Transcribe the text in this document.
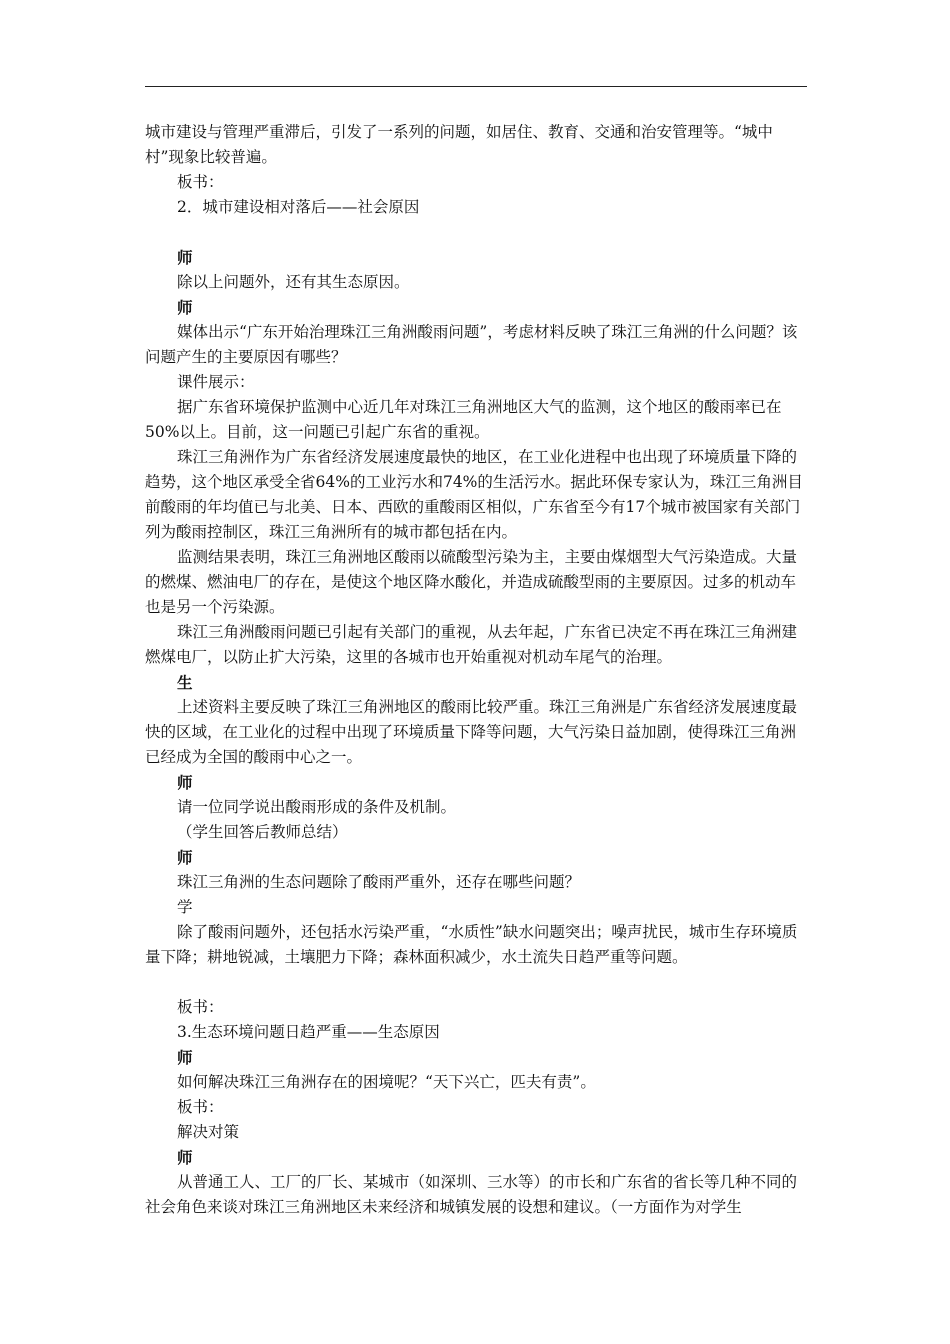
城市建设与管理严重滞后，引发了一系列的问题，如居住、教育、交通和治安管理等。“城中村”现象比较普遍。

板书：

2．城市建设相对落后——社会原因

师

除以上问题外，还有其生态原因。

师

媒体出示“广东开始治理珠江三角洲酸雨问题”，考虑材料反映了珠江三角洲的什么问题？该问题产生的主要原因有哪些？

课件展示：

据广东省环境保护监测中心近几年对珠江三角洲地区大气的监测，这个地区的酸雨率已在50%以上。目前，这一问题已引起广东省的重视。

珠江三角洲作为广东省经济发展速度最快的地区，在工业化进程中也出现了环境质量下降的趋势，这个地区承受全省64%的工业污水和74%的生活污水。据此环保专家认为，珠江三角洲目前酸雨的年均值已与北美、日本、西欧的重酸雨区相似，广东省至今有17个城市被国家有关部门列为酸雨控制区，珠江三角洲所有的城市都包括在内。

监测结果表明，珠江三角洲地区酸雨以硫酸型污染为主，主要由煤烟型大气污染造成。大量的燃煤、燃油电厂的存在，是使这个地区降水酸化，并造成硫酸型雨的主要原因。过多的机动车也是另一个污染源。

珠江三角洲酸雨问题已引起有关部门的重视，从去年起，广东省已决定不再在珠江三角洲建燃煤电厂，以防止扩大污染，这里的各城市也开始重视对机动车尾气的治理。

生

上述资料主要反映了珠江三角洲地区的酸雨比较严重。珠江三角洲是广东省经济发展速度最快的区域，在工业化的过程中出现了环境质量下降等问题，大气污染日益加剧，使得珠江三角洲已经成为全国的酸雨中心之一。

师

请一位同学说出酸雨形成的条件及机制。

（学生回答后教师总结）

师

珠江三角洲的生态问题除了酸雨严重外，还存在哪些问题？

学

除了酸雨问题外，还包括水污染严重，“水质性”缺水问题突出；噪声扰民，城市生存环境质量下降；耕地锐减，土壤肥力下降；森林面积减少，水土流失日趋严重等问题。

板书：

3.生态环境问题日趋严重——生态原因

师

如何解决珠江三角洲存在的困境呢？“天下兴亡，匹夫有责”。

板书：

解决对策

师

从普通工人、工厂的厂长、某城市（如深圳、三水等）的市长和广东省的省长等几种不同的社会角色来谈对珠江三角洲地区未来经济和城镇发展的设想和建议。（一方面作为对学生
